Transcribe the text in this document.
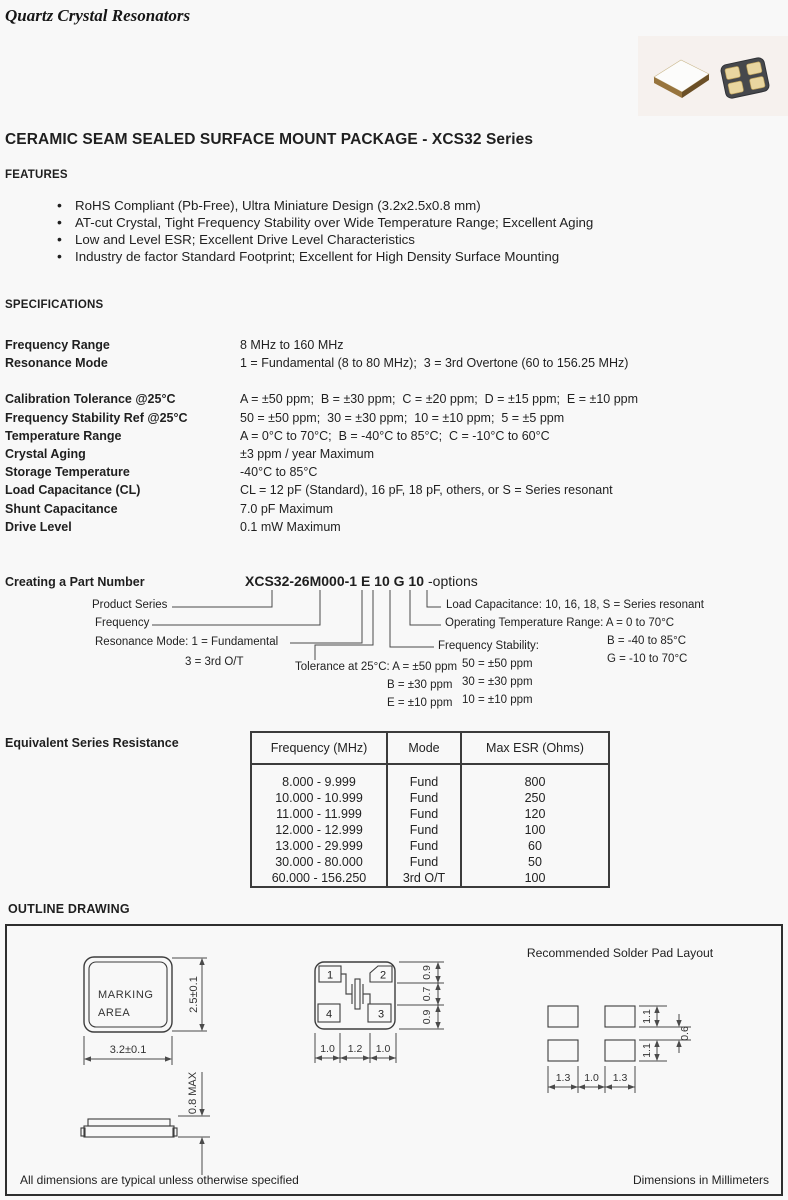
Quartz Crystal Resonators
CERAMIC SEAM SEALED SURFACE MOUNT PACKAGE - XCS32 Series
FEATURES
• RoHS Compliant (Pb-Free), Ultra Miniature Design (3.2x2.5x0.8 mm)
• AT-cut Crystal, Tight Frequency Stability over Wide Temperature Range; Excellent Aging
• Low and Level ESR; Excellent Drive Level Characteristics
• Industry de factor Standard Footprint; Excellent for High Density Surface Mounting
SPECIFICATIONS
Frequency Range	8 MHz to 160 MHz
Resonance Mode	1 = Fundamental (8 to 80 MHz);  3 = 3rd Overtone (60 to 156.25 MHz)
Calibration Tolerance @25°C	A = ±50 ppm;  B = ±30 ppm;  C = ±20 ppm;  D = ±15 ppm;  E = ±10 ppm
Frequency Stability Ref @25°C	50 = ±50 ppm;  30 = ±30 ppm;  10 = ±10 ppm;  5 = ±5 ppm
Temperature Range	A = 0°C to 70°C;  B = -40°C to 85°C;  C = -10°C to 60°C
Crystal Aging	±3 ppm / year Maximum
Storage Temperature	-40°C to 85°C
Load Capacitance (CL)	CL = 12 pF (Standard), 16 pF, 18 pF, others, or S = Series resonant
Shunt Capacitance	7.0 pF Maximum
Drive Level	0.1 mW Maximum
Creating a Part Number	XCS32-26M000-1 E 10 G 10 -options
Product Series
Frequency
Resonance Mode: 1 = Fundamental
3 = 3rd O/T	Tolerance at 25°C: A = ±50 ppm
B = ±30 ppm
E = ±10 ppm
Frequency Stability:
50 = ±50 ppm
30 = ±30 ppm
10 = ±10 ppm
Load Capacitance: 10, 16, 18, S = Series resonant
Operating Temperature Range: A = 0 to 70°C
B = -40 to 85°C
G = -10 to 70°C
Equivalent Series Resistance	Frequency (MHz)	Mode	Max ESR (Ohms)

8.000 - 9.999	Fund	800
10.000 - 10.999	Fund	250
11.000 - 11.999	Fund	120
12.000 - 12.999	Fund	100
13.000 - 29.999	Fund	60
30.000 - 80.000	Fund	50
60.000 - 156.250	3rd O/T	100
OUTLINE DRAWING
MARKING
AREA
2.5±0.1
3.2±0.1
0.8 MAX
1	2
4	3
0.9
0.7
0.9
1.0 1.2 1.0
Recommended Solder Pad Layout
1.1
1.1
0.6
1.3 1.0 1.3
All dimensions are typical unless otherwise specified	Dimensions in Millimeters
